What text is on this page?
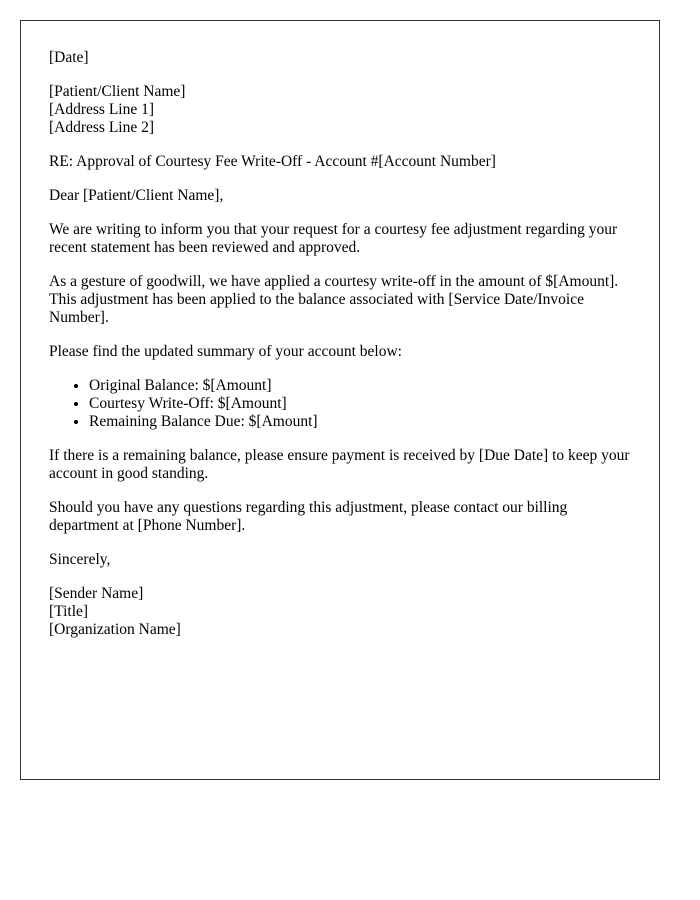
[Date]

[Patient/Client Name]
[Address Line 1]
[Address Line 2]

RE: Approval of Courtesy Fee Write-Off - Account #[Account Number]

Dear [Patient/Client Name],

We are writing to inform you that your request for a courtesy fee adjustment regarding your recent statement has been reviewed and approved.

As a gesture of goodwill, we have applied a courtesy write-off in the amount of $[Amount]. This adjustment has been applied to the balance associated with [Service Date/Invoice Number].

Please find the updated summary of your account below:

• Original Balance: $[Amount]
• Courtesy Write-Off: $[Amount]
• Remaining Balance Due: $[Amount]

If there is a remaining balance, please ensure payment is received by [Due Date] to keep your account in good standing.

Should you have any questions regarding this adjustment, please contact our billing department at [Phone Number].

Sincerely,

[Sender Name]
[Title]
[Organization Name]
